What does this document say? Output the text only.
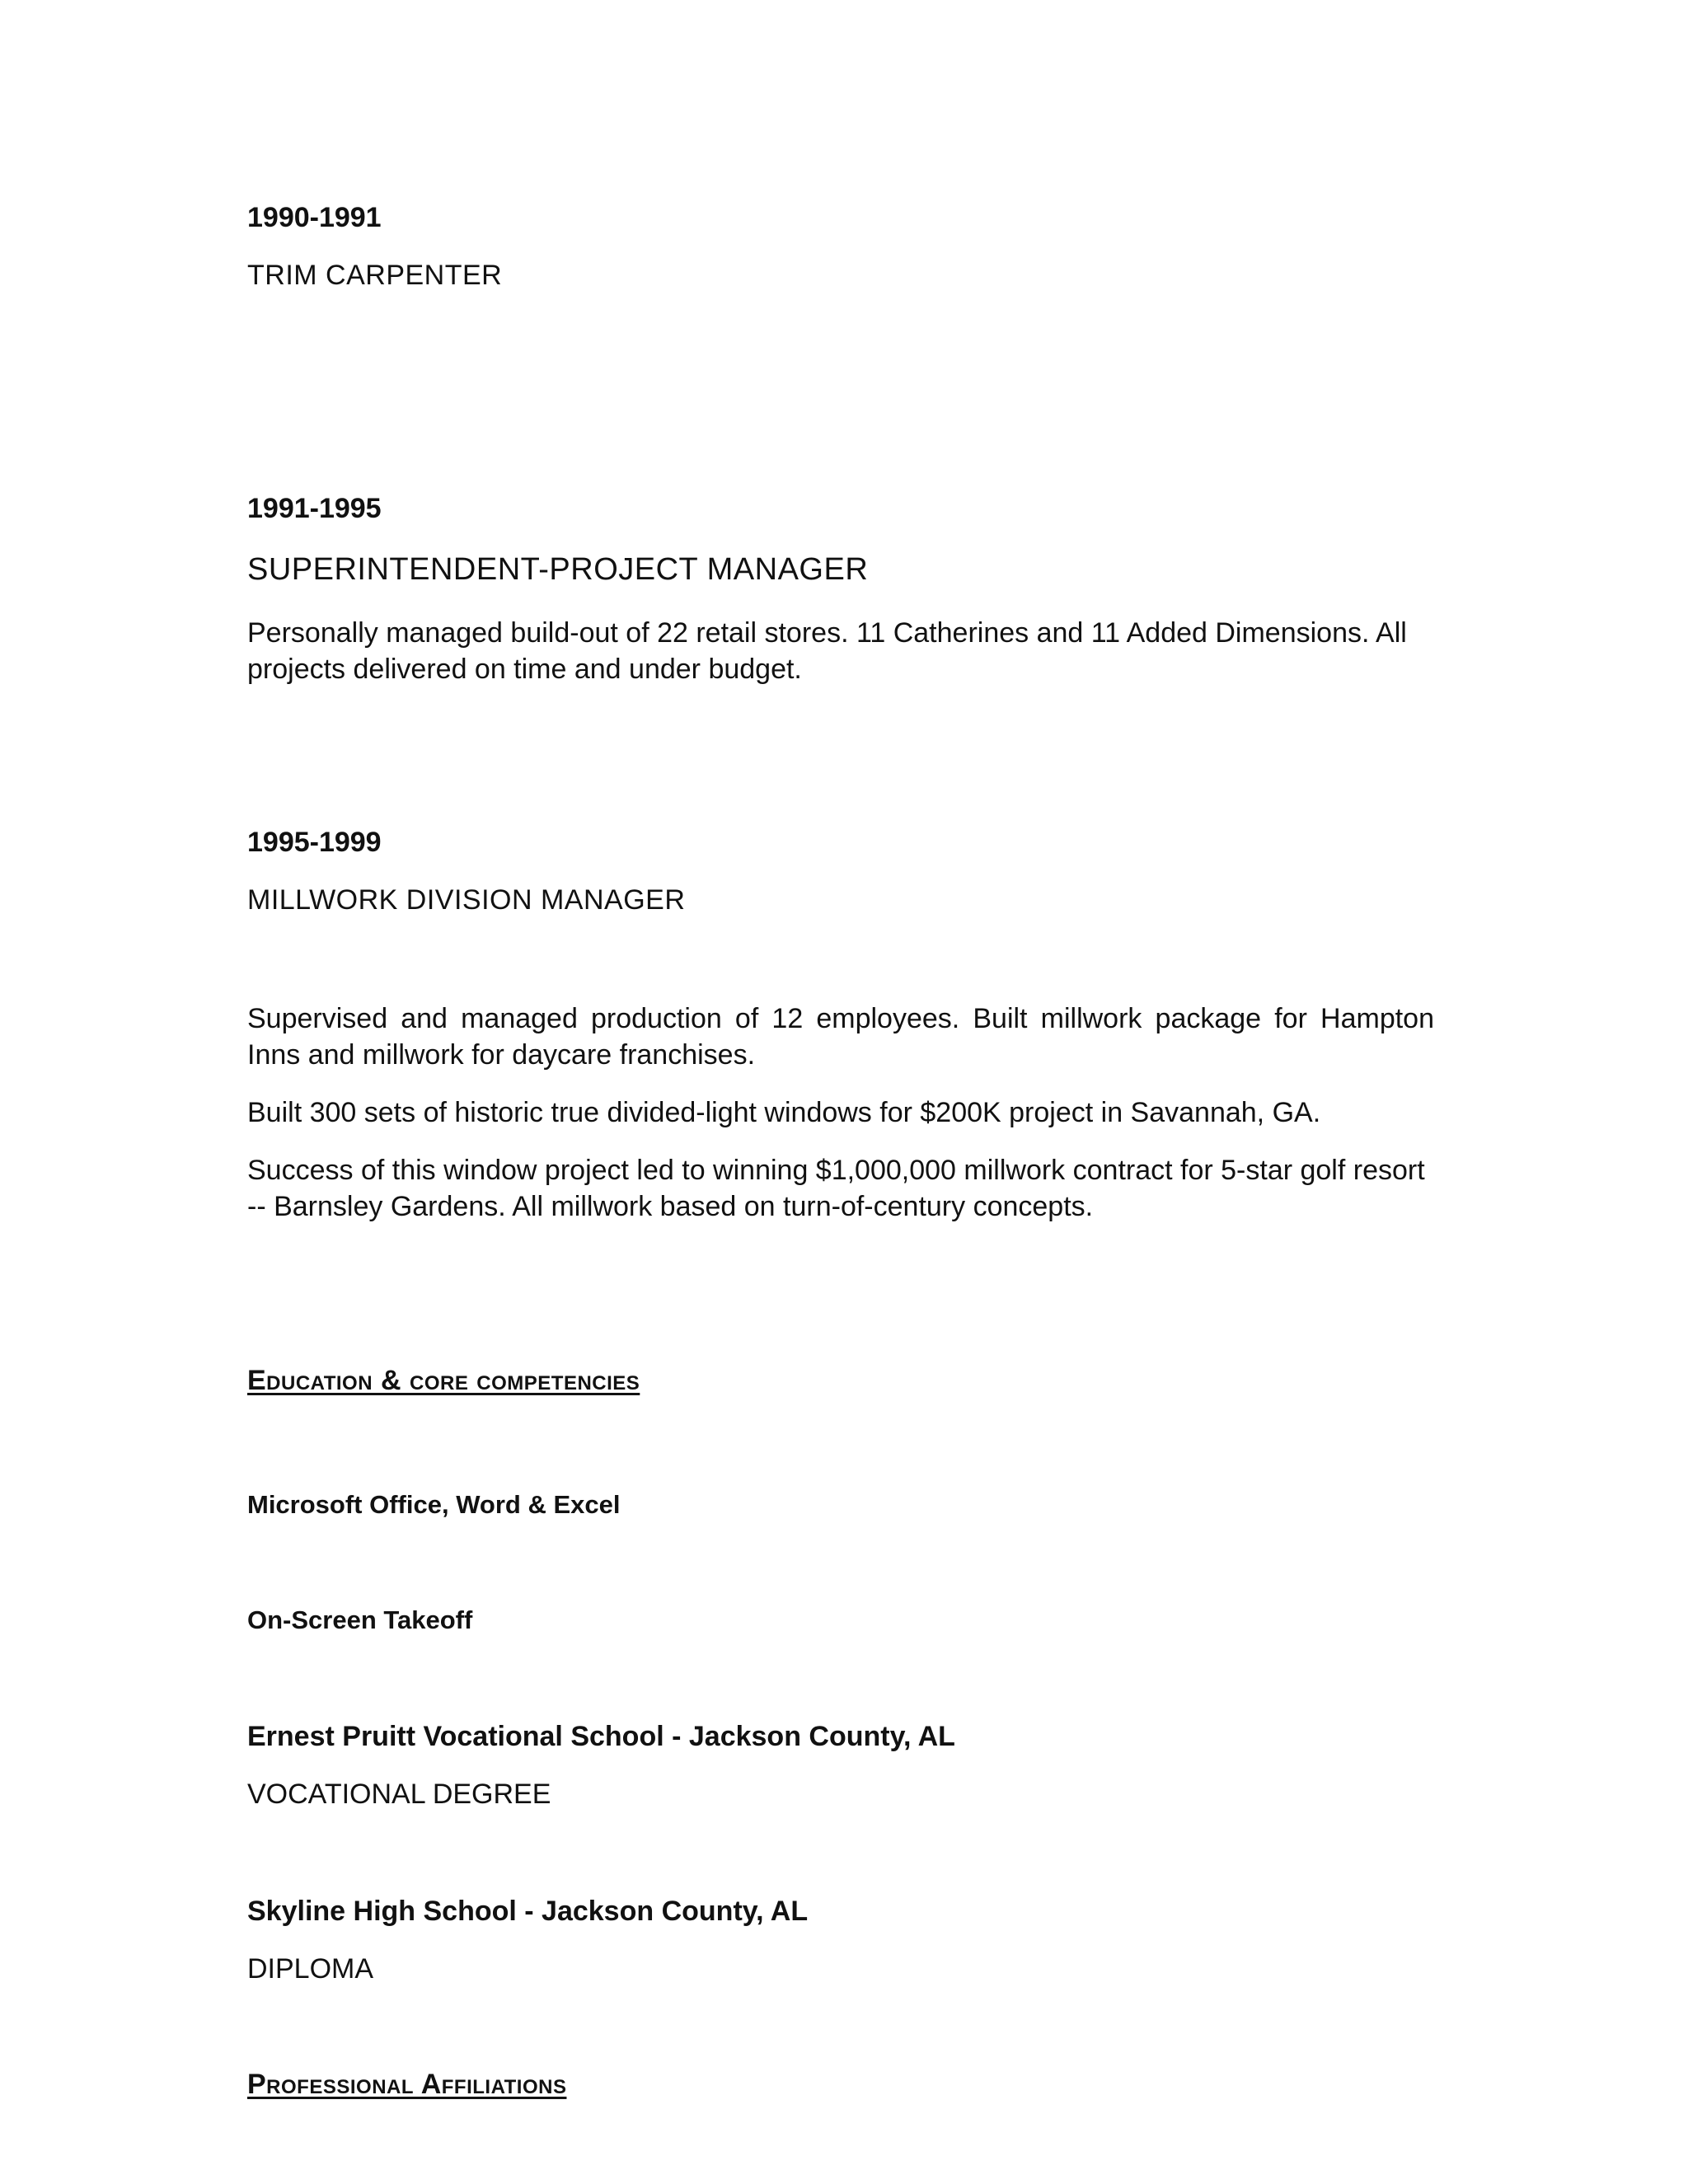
1990-1991
TRIM CARPENTER
1991-1995
SUPERINTENDENT-PROJECT MANAGER
Personally managed build-out of 22 retail stores. 11 Catherines and 11 Added Dimensions. All projects delivered on time and under budget.
1995-1999
MILLWORK DIVISION MANAGER
Supervised and managed production of 12 employees. Built millwork package for Hampton Inns and millwork for daycare franchises.
Built 300 sets of historic true divided-light windows for $200K project in Savannah, GA.
Success of this window project led to winning $1,000,000 millwork contract for 5-star golf resort -- Barnsley Gardens. All millwork based on turn-of-century concepts.
Education & core competencies
Microsoft Office, Word & Excel
On-Screen Takeoff
Ernest Pruitt Vocational School - Jackson County, AL
VOCATIONAL DEGREE
Skyline High School - Jackson County, AL
DIPLOMA
Professional Affiliations
